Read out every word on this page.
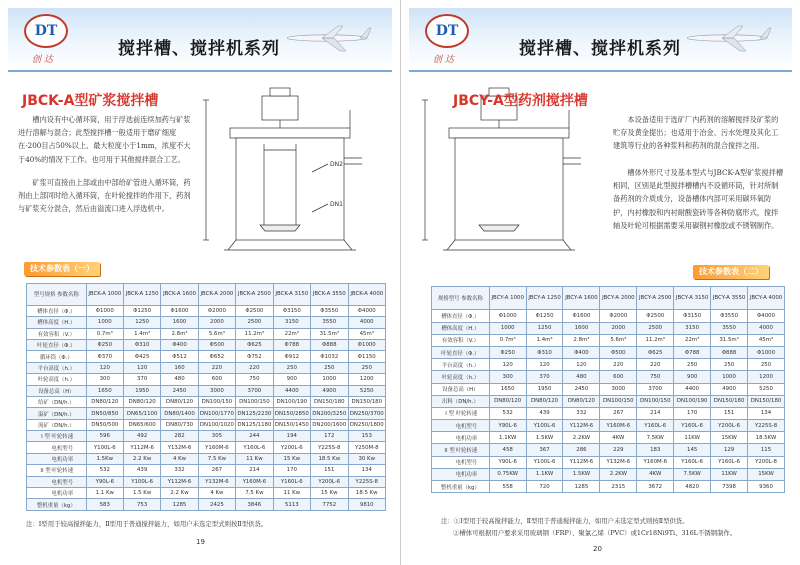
DT
创 达
搅拌槽、搅拌机系列
JBCK-A型矿浆搅拌槽
槽内设有中心循环筒，用于浮选前连续加药与矿浆进行溶解与混合；此型搅拌槽一般适用于磨矿细度在-200目占50%以上、最大粒度小于1mm，浓度不大于40%的情况下工作。也可用于其他搅拌混合工艺。
矿浆可直接由上部或由中部给矿管进入循环筒，药剂由上部同时给入循环筒，在叶轮搅拌的作用下，药剂与矿浆充分混合，然后由溢流口进入浮选机中。
DN2
DN1
技术参数表（一）
型号规格 参数名称	JBCK-A 1000	JBCK-A 1250	JBCK-A 1600	JBCK-A 2000	JBCK-A 2500	JBCK-A 3150	JBCK-A 3550	JBCK-A 4000
槽体直径（Φ.）	Φ1000	Φ1250	Φ1600	Φ2000	Φ2500	Φ3150	Φ3550	Φ4000
槽体高度（H.）	1000	1250	1600	2000	2500	3150	3550	4000
有效容积（V.）	0.7m³	1.4m³	2.8m³	5.6m³	11.2m³	22m³	31.5m³	45m³
叶轮直径（Φ.）	Φ250	Φ310	Φ400	Φ500	Φ625	Φ788	Φ888	Φ1000
循环筒（Φ.）	Φ370	Φ425	Φ512	Φ652	Φ752	Φ912	Φ1032	Φ1150
平台高度（h.）	120	120	160	220	220	250	250	250
叶轮高度（h.）	300	370	480	600	750	900	1000	1200
设备总高（H）	1650	1950	2450	3000	3700	4400	4900	5250
给矿（DN/h.）	DN80/120	DN80/120	DN80/120	DN100/150	DN100/150	DN100/190	DN150/180	DN150/180
溢矿（DN/h.）	DN50/850	DN65/1100	DN80/1400	DN100/1770	DN125/2230	DN150/2850	DN200/3250	DN250/3700
流矿（DN/h.）	DN50/500	DN65/600	DN80/730	DN100/1020	DN125/1180	DN150/1450	DN200/1600	DN250/1800
I 型 叶轮转速	596	492	282	305	244	194	172	153
电机型号	Y100L-6	Y112M-6	Y132M-6	Y160M-6	Y160L-6	Y200L-6	Y225S-8	Y250M-8
电机功率	1.5Kw	2.2 Kw	4 Kw	7.5 Kw	11 Kw	15 Kw	18.5 Kw	30 Kw
II 型叶轮转速	532	439	332	267	214	170	151	134
电机型号	Y90L-6	Y100L-6	Y112M-6	Y132M-6	Y160M-6	Y160L-6	Y200L-6	Y225S-8
电机功率	1.1 Kw	1.5 Kw	2.2 Kw	4 Kw	7.5 Kw	11 Kw	15 Kw	18.5 Kw
整机重量（kg）	583	753	1285	2425	3846	5113	7752	9810
注：Ⅰ型用于较高搅拌能力，Ⅱ型用于普通搅拌能力，如用户未选定型式则按Ⅱ型供货。
19
DT
创 达
搅拌槽、搅拌机系列
JBCY-A型药剂搅拌槽
本设备适用于选矿厂内药剂的溶解搅拌及矿浆的贮存及黄金提出；也适用于冶金、污水处理及其化工建筑等行业的各种浆料和药剂的混合搅拌之用。
槽体外形尺寸及基本型式与JBCK-A型矿浆搅拌槽相同，区别是此型搅拌槽槽内不设循环筒，针对所制备药剂的介质成分，设备槽体内部可采用碳环氧防护，内衬橡胶和内衬耐酸瓷砖等各种防腐形式，搅拌轴及叶轮可根据需要采用碳钢衬橡胶或不锈钢制作。
技术参数表（二）
规格型号 参数名称	JBCY-A 1000	JBCY-A 1250	JBCY-A 1600	JBCY-A 2000	JBCY-A 2500	JBCY-A 3150	JBCY-A 3550	JBCY-A 4000
槽体直径（Φ.）	Φ1000	Φ1250	Φ1600	Φ2000	Φ2500	Φ3150	Φ3550	Φ4000
槽体高度（H.）	1000	1250	1600	2000	2500	3150	3550	4000
有效容积（V.）	0.7m³	1.4m³	2.8m³	5.6m³	11.2m³	22m³	31.5m³	45m³
叶轮直径（Φ.）	Φ250	Φ310	Φ400	Φ500	Φ625	Φ788	Φ888	Φ1000
平台高度（h.）	120	120	120	220	220	250	250	250
叶轮高度（h.）	300	370	480	600	750	900	1000	1200
设备总高（H）	1650	1950	2450	3000	3700	4400	4900	5250
出料（DN/h.）	DN80/120	DN80/120	DN80/120	DN100/150	DN100/150	DN100/190	DN150/180	DN150/180
I 型 叶轮转速	532	439	332	267	214	170	151	134
电机型号	Y90L-6	Y100L-6	Y112M-6	Y160M-6	Y160L-6	Y160L-6	Y200L-6	Y225S-8
电机功率	1.1KW	1.5KW	2.2KW	4KW	7.5KW	11KW	15KW	18.5KW
II 型叶轮转速	458	367	286	229	183	145	129	115
电机型号	Y90L-6	Y100L-6	Y112M-6	Y132M-6	Y160M-6	Y160L-6	Y160L-6	Y200L-8
电机功率	0.75KW	1.1KW	1.5KW	2.2KW	4KW	7.5KW	11KW	15KW
整机重量（kg）	558	720	1285	2315	3672	4820	7398	9360
注：①Ⅰ型用于较高搅拌能力，Ⅱ型用于普通搅拌能力，如用户未选定型式则按Ⅱ型供货。
②槽体可根据用户要求采用玻璃钢（FRP）、聚氯乙烯（PVC）或1Cr18Ni9Ti、316L不锈钢制作。
20
